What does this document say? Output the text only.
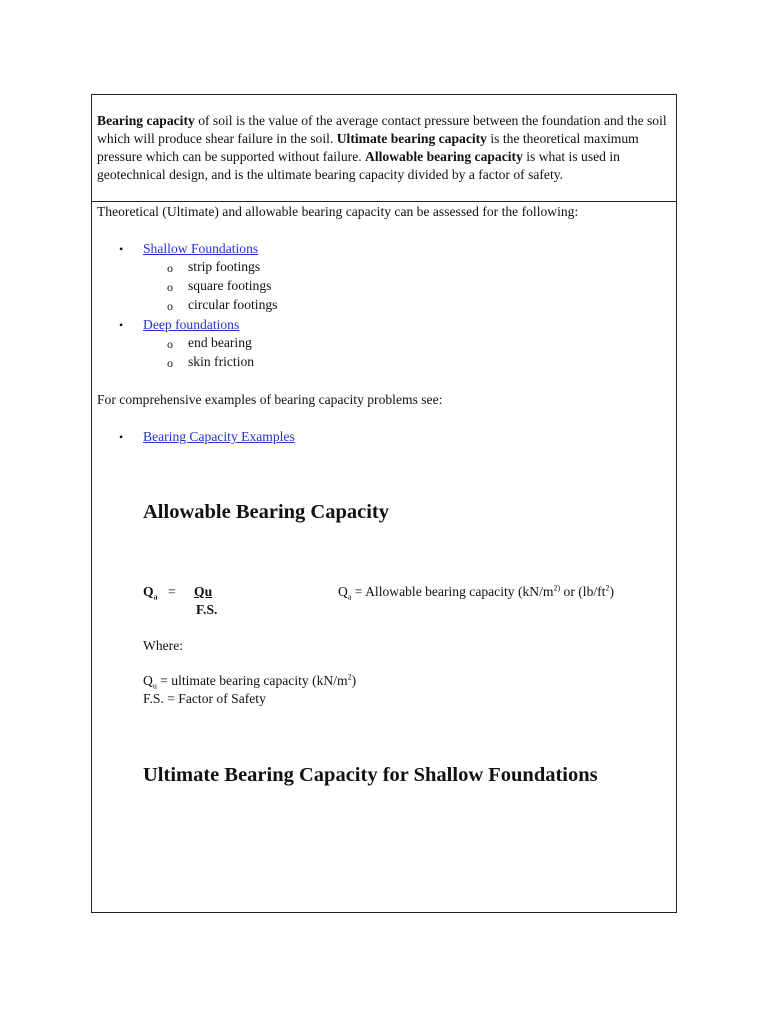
Bearing capacity of soil is the value of the average contact pressure between the foundation and the soil which will produce shear failure in the soil. Ultimate bearing capacity is the theoretical maximum pressure which can be supported without failure. Allowable bearing capacity is what is used in geotechnical design, and is the ultimate bearing capacity divided by a factor of safety.
Theoretical (Ultimate) and allowable bearing capacity can be assessed for the following:
• Shallow Foundations
o strip footings
o square footings
o circular footings
• Deep foundations
o end bearing
o skin friction
For comprehensive examples of bearing capacity problems see:
• Bearing Capacity Examples
Allowable Bearing Capacity
$Q_a$ =	Qu
F.S.
$Q_a$ = Allowable bearing capacity ($kN/m^{2)}$ or $(lb/ft^2)$
Where:
$Q_u$ = ultimate bearing capacity $(kN/m^2)$
F.S. = Factor of Safety
Ultimate Bearing Capacity for Shallow Foundations
